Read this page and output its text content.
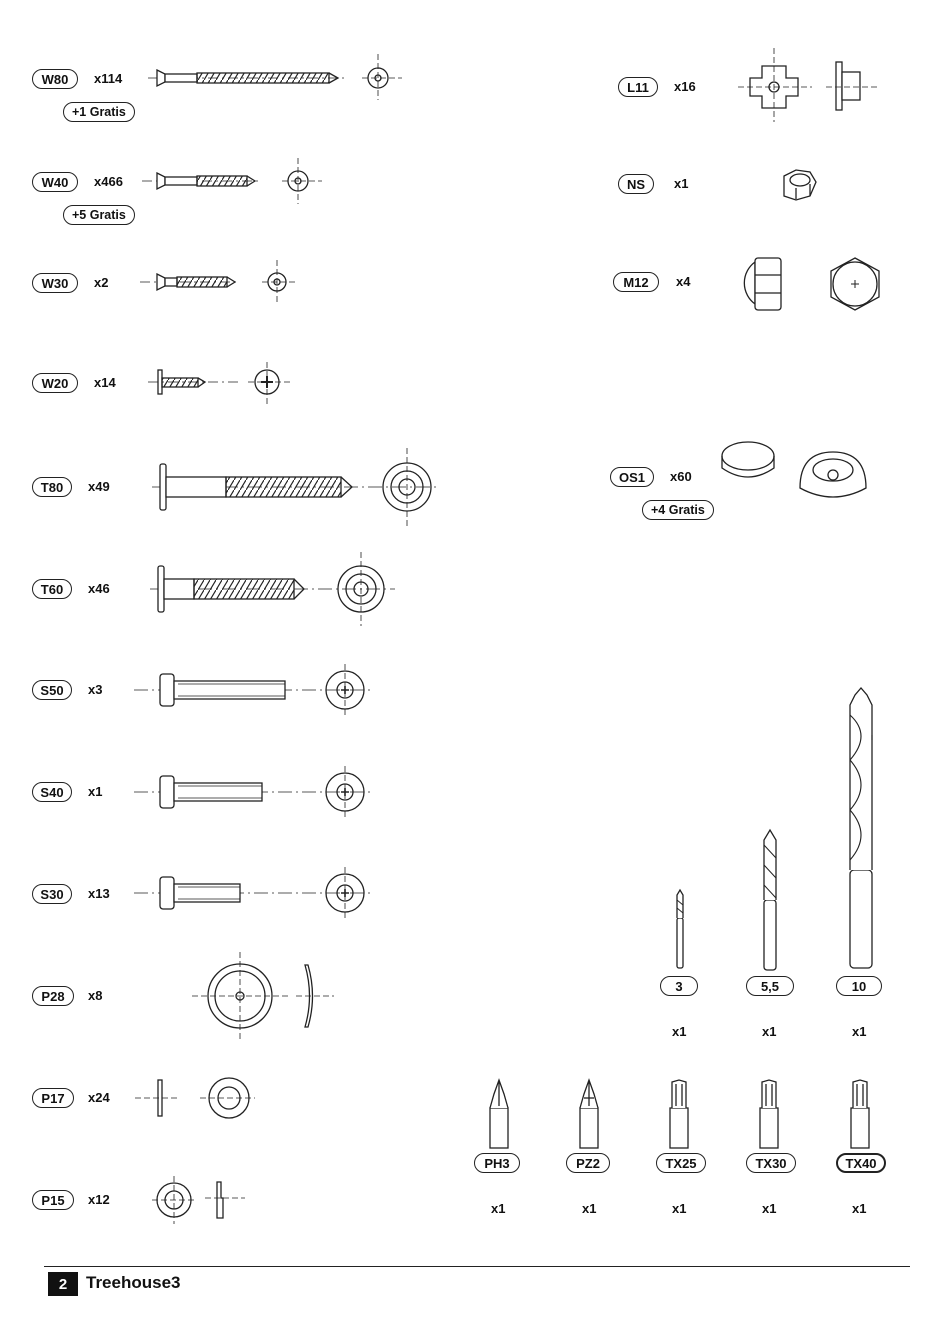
W80	x114
+1 Gratis
W40	x466
+5 Gratis
W30	x2
W20	x14
T80	x49
T60	x46
S50	x3
S40	x1
S30	x13
P28	x8
P17	x24
P15	x12
L11	x16
NS	x1
M12	x4
OS1	x60
+4 Gratis
3
x1
5,5
x1
10
x1
PH3
x1
PZ2
x1
TX25
x1
TX30
x1
TX40
x1
2	Treehouse3
